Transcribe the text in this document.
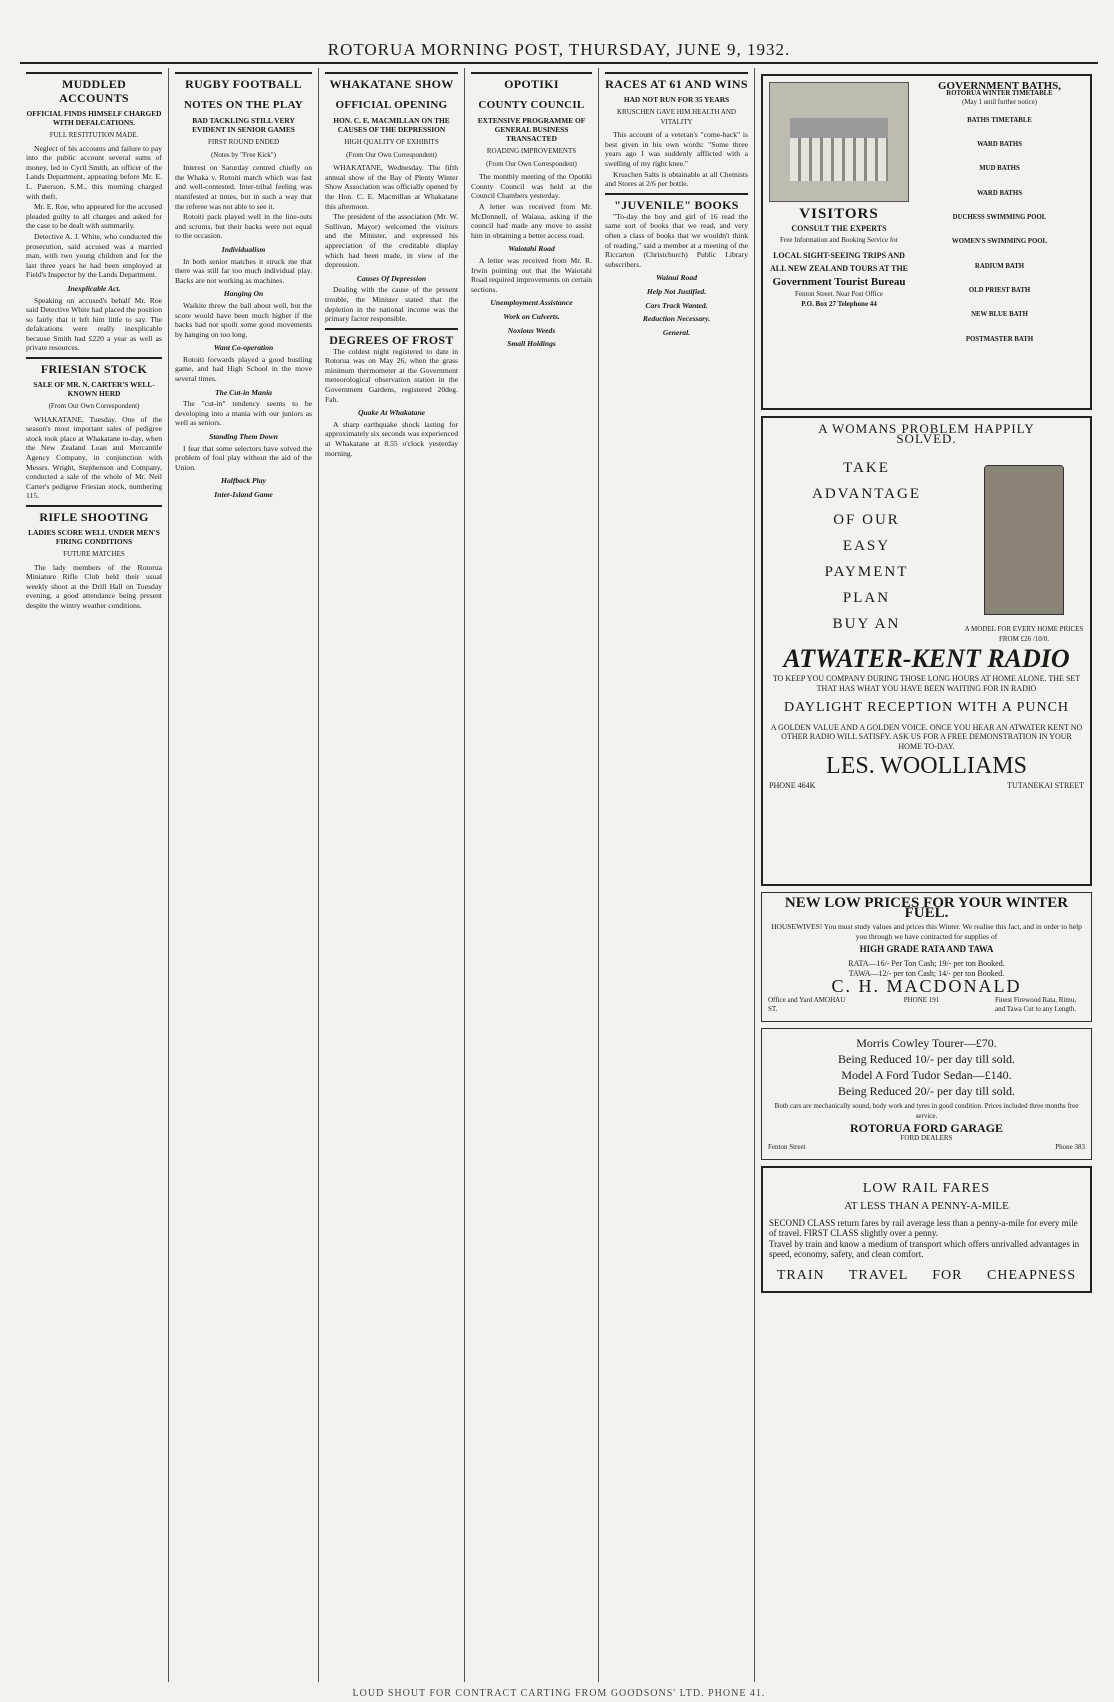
ROTORUA MORNING POST, THURSDAY, JUNE 9, 1932.
MUDDLED ACCOUNTS
OFFICIAL FINDS HIMSELF CHARGED WITH DEFALCATIONS.
FULL RESTITUTION MADE.

Neglect of his accounts and failure to pay into the public account several sums of money, led to Cyril Smith, an officer of the Lands Department, appearing before Mr. E. L. Paterson, S.M., this morning charged with theft.

Mr. E. Roe, who appeared for the accused pleaded guilty to all charges and asked for the case to be dealt with summarily.

Detective A. J. White, who conducted the prosecution, said accused was a married man, with two young children and for the last three years he had been employed at Field's Inspector by the Lands Department.

Inexplicable Act.

Speaking on accused's behalf Mr. Roe said Detective White had placed the position so fairly that it left him little to say. The defalcations were really inexplicable because Smith had £220 a year as well as private resources.

FRIESIAN STOCK
SALE OF MR. N. CARTER'S WELL-KNOWN HERD
(From Our Own Correspondent)

WHAKATANE, Tuesday. One of the season's most important sales of pedigree stock took place at Whakatane to-day, when the New Zealand Loan and Mercantile Agency Company, in conjunction with Messrs. Wright, Stephenson and Company, conducted a sale of the whole of Mr. Neil Carter's pedigree Friesian stock, numbering 115.

RIFLE SHOOTING
LADIES SCORE WELL UNDER MEN'S FIRING CONDITIONS
FUTURE MATCHES

The lady members of the Rotorua Miniature Rifle Club held their usual weekly shoot at the Drill Hall on Tuesday evening, a good attendance being present despite the wintry weather conditions.

RUGBY FOOTBALL
NOTES ON THE PLAY
BAD TACKLING STILL VERY EVIDENT IN SENIOR GAMES
FIRST ROUND ENDED
(Notes by "Free Kick")

Interest on Saturday centred chiefly on the Whaka v. Rotoiti match which was fast and well-contested. Inter-tribal feeling was manifested at times, but in such a way that the referee was not able to see it.

Rotoiti pack played well in the line-outs and scrums, but their backs were not equal to the occasion.

Individualism

In both senior matches it struck me that there was still far too much individual play. Backs are not working as machines.

Hanging On

Waikite threw the ball about well, but the score would have been much higher if the backs had not spoilt some good movements by hanging on too long.

Want Co-operation

Rotoiti forwards played a good bustling game, and had High School in the move several times.

The Cut-in Mania

The "cut-in" tendency seems to be developing into a mania with our juniors as well as seniors.

Standing Them Down

I fear that some selectors have solved the problem of foul play without the aid of the Union.

Halfback Play
Inter-Island Game
WHAKATANE SHOW
OFFICIAL OPENING
HON. C. E. MACMILLAN ON THE CAUSES OF THE DEPRESSION
HIGH QUALITY OF EXHIBITS
(From Our Own Correspondent)

WHAKATANE, Wednesday. The fifth annual show of the Bay of Plenty Winter Show Association was officially opened by the Hon. C. E. Macmillan at Whakatane this afternoon.

The president of the association (Mr. W. Sullivan, Mayor) welcomed the visitors and the Minister, and expressed his appreciation of the creditable display which had been made, in view of the depression.

Causes Of Depression

Dealing with the cause of the present trouble, the Minister stated that the depletion in the national income was the primary factor responsible.

DEGREES OF FROST

The coldest night registered to date in Rotorua was on May 26, when the grass minimum thermometer at the Government meteorological observation station in the Government Gardens, registered 20deg. Fah.

Quake At Whakatane

A sharp earthquake shock lasting for approximately six seconds was experienced at Whakatane at 8.55 o'clock yesterday morning.

OPOTIKI
COUNTY COUNCIL
EXTENSIVE PROGRAMME OF GENERAL BUSINESS TRANSACTED
ROADING IMPROVEMENTS
(From Our Own Correspondent)

The monthly meeting of the Opotiki County Council was held at the Council Chambers yesterday.

A letter was received from Mr. McDonnell, of Waiaua, asking if the council had made any move to assist him in obtaining a better access road.

Waiotahi Road

A letter was received from Mr. R. Irwin pointing out that the Waiotahi Road required improvements on certain sections.

Unemployment Assistance
Work on Culverts.
Noxious Weeds
Small Holdings
RACES AT 61 AND WINS
HAD NOT RUN FOR 35 YEARS
KRUSCHEN GAVE HIM HEALTH AND VITALITY

This account of a veteran's "come-back" is best given in his own words: "Some three years ago I was suddenly afflicted with a swelling of my right knee."

Kruschen Salts is obtainable at all Chemists and Stores at 2/6 per bottle.

"JUVENILE" BOOKS

"To-day the boy and girl of 16 read the same sort of books that we read, and very often a class of books that we wouldn't think of reading," said a member at a meeting of the Riccarton (Christchurch) Public Library subscribers.

Wainui Road
Help Not Justified.
Cars Track Wanted.
Reduction Necessary.
General.
VISITORS
CONSULT THE EXPERTS
Free Information and Booking Service for
LOCAL SIGHT-SEEING TRIPS AND ALL NEW ZEALAND TOURS AT THE
Government Tourist Bureau
Fenton Street. Near Post Office
P.O. Box 27 Telephone 44
GOVERNMENT BATHS,
ROTORUA WINTER TIMETABLE
(May 1 until further notice)
BATHS TIMETABLE
WARD BATHS
MUD BATHS
WARD BATHS
DUCHESS SWIMMING POOL
WOMEN'S SWIMMING POOL
RADIUM BATH
OLD PRIEST BATH
NEW BLUE BATH
POSTMASTER BATH
A WOMANS PROBLEM HAPPILY SOLVED.
TAKE
ADVANTAGE
OF OUR
EASY
PAYMENT
PLAN
BUY AN	A MODEL FOR EVERY HOME PRICES FROM £26 /10/0.
ATWATER-KENT RADIO
TO KEEP YOU COMPANY DURING THOSE LONG HOURS AT HOME ALONE. THE SET THAT HAS WHAT YOU HAVE BEEN WAITING FOR IN RADIO
DAYLIGHT RECEPTION WITH A PUNCH
A GOLDEN VALUE AND A GOLDEN VOICE. ONCE YOU HEAR AN ATWATER KENT NO OTHER RADIO WILL SATISFY. ASK US FOR A FREE DEMONSTRATION IN YOUR HOME TO-DAY.
LES. WOOLLIAMS
PHONE 464K	TUTANEKAI STREET
NEW LOW PRICES FOR YOUR WINTER FUEL.
HOUSEWIVES! You must study values and prices this Winter. We realise this fact, and in order to help you through we have contracted for supplies of
HIGH GRADE RATA AND TAWA
RATA—16/- Per Ton Cash; 19/- per ton Booked.
TAWA—12/- per ton Cash; 14/- per ton Booked.
C. H. MACDONALD
Office and Yard AMOHAU ST.
PHONE 191	Finest Firewood Rata, Rimu, and Tawa Cut to any Length.
Morris Cowley Tourer—£70.
Being Reduced 10/- per day till sold.
Model A Ford Tudor Sedan—£140.
Being Reduced 20/- per day till sold.
Both cars are mechanically sound, body work and tyres in good condition. Prices included three months free service.
ROTORUA FORD GARAGE
FORD DEALERS
Fenton Street	Phone 383
LOW RAIL FARES
AT LESS THAN A PENNY-A-MILE
SECOND CLASS return fares by rail average less than a penny-a-mile for every mile of travel. FIRST CLASS slightly over a penny.
Travel by train and know a medium of transport which offers unrivalled advantages in speed, economy, safety, and clean comfort.
TRAIN TRAVEL FOR CHEAPNESS
LOUD SHOUT FOR CONTRACT CARTING FROM GOODSONS' LTD. PHONE 41.
